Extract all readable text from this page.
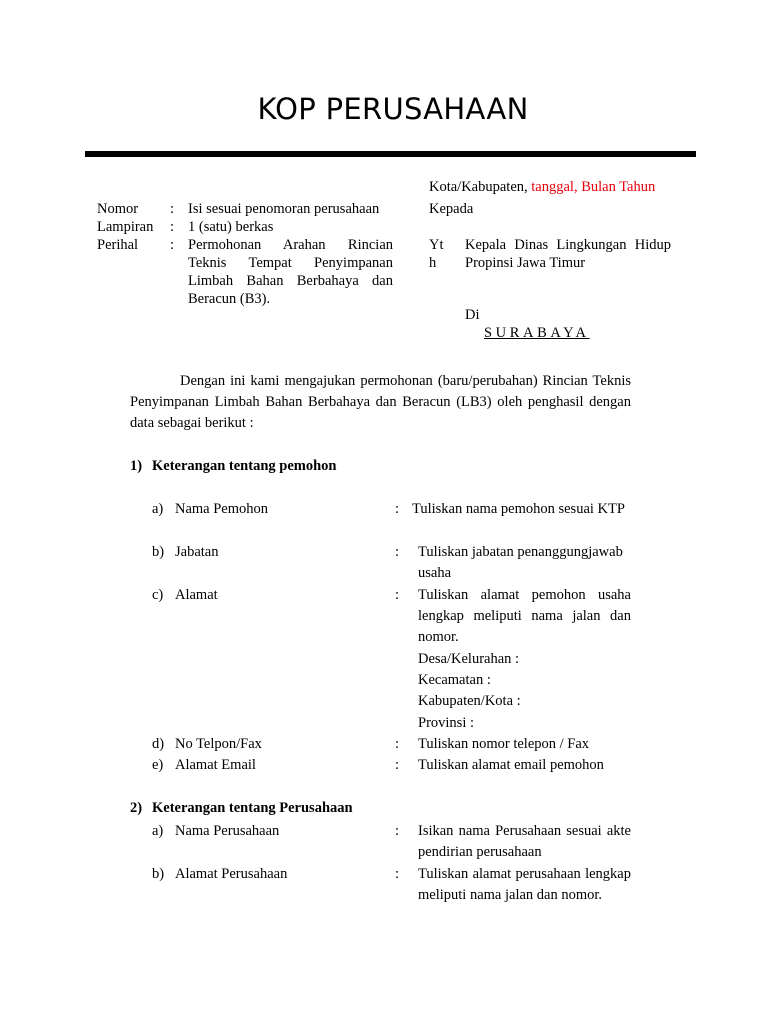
KOP PERUSAHAAN
Kota/Kabupaten, tanggal, Bulan Tahun
Nomor : Isi sesuai penomoran perusahaan
Lampiran : 1 (satu) berkas
Perihal : Permohonan Arahan Rincian Teknis Tempat Penyimpanan Limbah Bahan Berbahaya dan Beracun (B3).
Kepada
Yt
h
Kepala Dinas Lingkungan Hidup Propinsi Jawa Timur
Di
SURABAYA
Dengan ini kami mengajukan permohonan (baru/perubahan) Rincian Teknis Penyimpanan Limbah Bahan Berbahaya dan Beracun (LB3) oleh penghasil dengan data sebagai berikut :
1) Keterangan tentang pemohon
a) Nama Pemohon	: Tuliskan nama pemohon sesuai KTP
b) Jabatan	: Tuliskan jabatan penanggungjawab usaha
c) Alamat	: Tuliskan alamat pemohon usaha lengkap meliputi nama jalan dan nomor.
Desa/Kelurahan :
Kecamatan :
Kabupaten/Kota :
Provinsi :
d) No Telpon/Fax	: Tuliskan nomor telepon / Fax
e) Alamat Email	: Tuliskan alamat email pemohon
2) Keterangan tentang Perusahaan
a) Nama Perusahaan	: Isikan nama Perusahaan sesuai akte pendirian perusahaan
b) Alamat Perusahaan	: Tuliskan alamat perusahaan lengkap meliputi nama jalan dan nomor.
